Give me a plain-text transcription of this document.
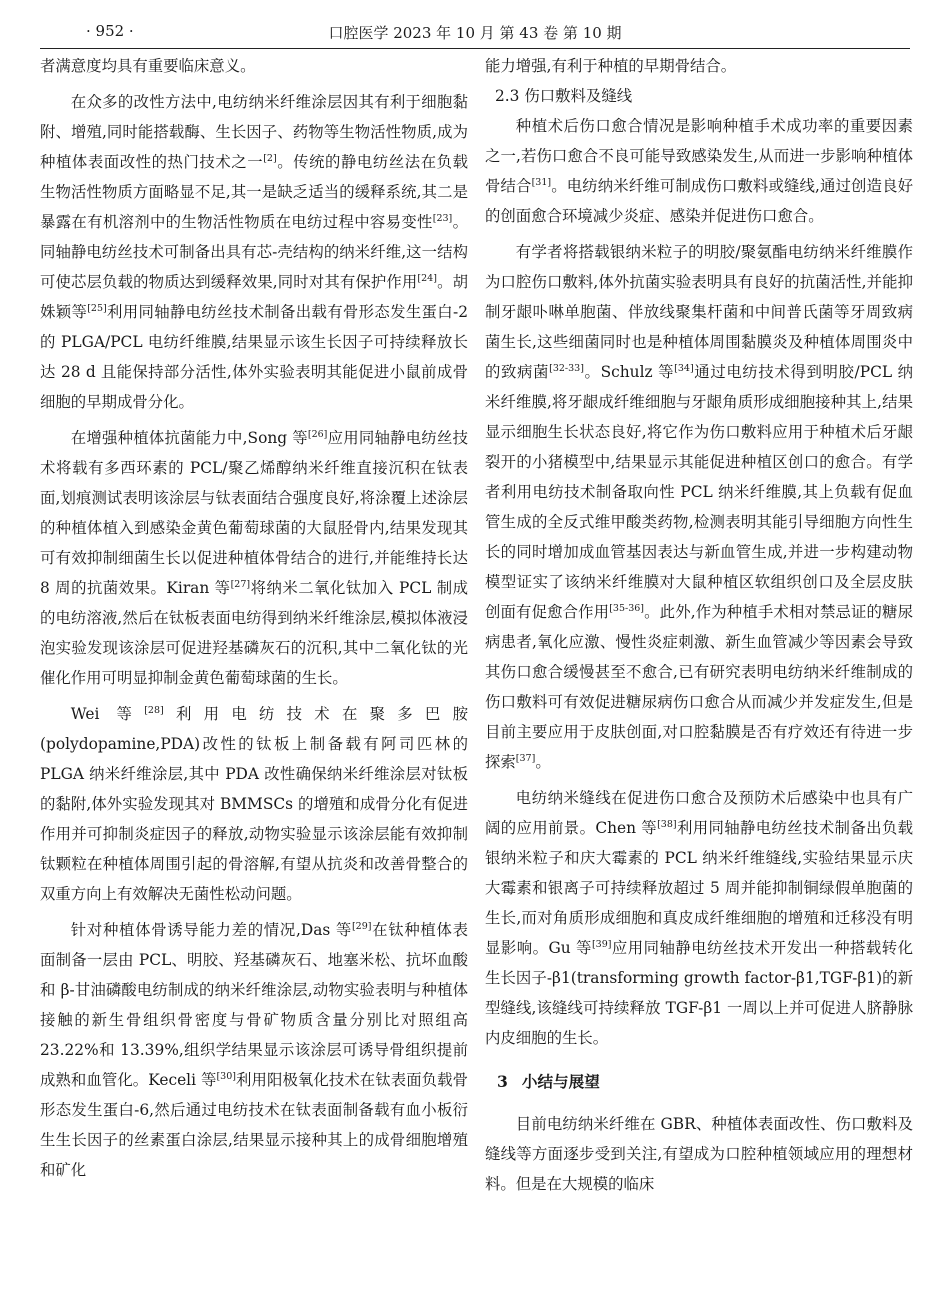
· 952 ·	口腔医学 2023 年 10 月 第 43 卷 第 10 期

者满意度均具有重要临床意义。

在众多的改性方法中,电纺纳米纤维涂层因其有利于细胞黏附、增殖,同时能搭载酶、生长因子、药物等生物活性物质,成为种植体表面改性的热门技术之一[2]。传统的静电纺丝法在负载生物活性物质方面略显不足,其一是缺乏适当的缓释系统,其二是暴露在有机溶剂中的生物活性物质在电纺过程中容易变性[23]。同轴静电纺丝技术可制备出具有芯-壳结构的纳米纤维,这一结构可使芯层负载的物质达到缓释效果,同时对其有保护作用[24]。胡姝颖等[25]利用同轴静电纺丝技术制备出载有骨形态发生蛋白-2 的 PLGA/PCL 电纺纤维膜,结果显示该生长因子可持续释放长达 28 d 且能保持部分活性,体外实验表明其能促进小鼠前成骨细胞的早期成骨分化。

在增强种植体抗菌能力中,Song 等[26]应用同轴静电纺丝技术将载有多西环素的 PCL/聚乙烯醇纳米纤维直接沉积在钛表面,划痕测试表明该涂层与钛表面结合强度良好,将涂覆上述涂层的种植体植入到感染金黄色葡萄球菌的大鼠胫骨内,结果发现其可有效抑制细菌生长以促进种植体骨结合的进行,并能维持长达 8 周的抗菌效果。Kiran 等[27]将纳米二氧化钛加入 PCL 制成的电纺溶液,然后在钛板表面电纺得到纳米纤维涂层,模拟体液浸泡实验发现该涂层可促进羟基磷灰石的沉积,其中二氧化钛的光催化作用可明显抑制金黄色葡萄球菌的生长。

Wei 等[28]利用电纺技术在聚多巴胺(polydopamine,PDA)改性的钛板上制备载有阿司匹林的 PLGA 纳米纤维涂层,其中 PDA 改性确保纳米纤维涂层对钛板的黏附,体外实验发现其对 BMMSCs 的增殖和成骨分化有促进作用并可抑制炎症因子的释放,动物实验显示该涂层能有效抑制钛颗粒在种植体周围引起的骨溶解,有望从抗炎和改善骨整合的双重方向上有效解决无菌性松动问题。

针对种植体骨诱导能力差的情况,Das 等[29]在钛种植体表面制备一层由 PCL、明胶、羟基磷灰石、地塞米松、抗坏血酸和 β-甘油磷酸电纺制成的纳米纤维涂层,动物实验表明与种植体接触的新生骨组织骨密度与骨矿物质含量分别比对照组高 23.22%和 13.39%,组织学结果显示该涂层可诱导骨组织提前成熟和血管化。Keceli 等[30]利用阳极氧化技术在钛表面负载骨形态发生蛋白-6,然后通过电纺技术在钛表面制备载有血小板衍生生长因子的丝素蛋白涂层,结果显示接种其上的成骨细胞增殖和矿化

能力增强,有利于种植的早期骨结合。

2.3 伤口敷料及缝线

种植术后伤口愈合情况是影响种植手术成功率的重要因素之一,若伤口愈合不良可能导致感染发生,从而进一步影响种植体骨结合[31]。电纺纳米纤维可制成伤口敷料或缝线,通过创造良好的创面愈合环境减少炎症、感染并促进伤口愈合。

有学者将搭载银纳米粒子的明胶/聚氨酯电纺纳米纤维膜作为口腔伤口敷料,体外抗菌实验表明具有良好的抗菌活性,并能抑制牙龈卟啉单胞菌、伴放线聚集杆菌和中间普氏菌等牙周致病菌生长,这些细菌同时也是种植体周围黏膜炎及种植体周围炎中的致病菌[32-33]。Schulz 等[34]通过电纺技术得到明胶/PCL 纳米纤维膜,将牙龈成纤维细胞与牙龈角质形成细胞接种其上,结果显示细胞生长状态良好,将它作为伤口敷料应用于种植术后牙龈裂开的小猪模型中,结果显示其能促进种植区创口的愈合。有学者利用电纺技术制备取向性 PCL 纳米纤维膜,其上负载有促血管生成的全反式维甲酸类药物,检测表明其能引导细胞方向性生长的同时增加成血管基因表达与新血管生成,并进一步构建动物模型证实了该纳米纤维膜对大鼠种植区软组织创口及全层皮肤创面有促愈合作用[35-36]。此外,作为种植手术相对禁忌证的糖尿病患者,氧化应激、慢性炎症刺激、新生血管减少等因素会导致其伤口愈合缓慢甚至不愈合,已有研究表明电纺纳米纤维制成的伤口敷料可有效促进糖尿病伤口愈合从而减少并发症发生,但是目前主要应用于皮肤创面,对口腔黏膜是否有疗效还有待进一步探索[37]。

电纺纳米缝线在促进伤口愈合及预防术后感染中也具有广阔的应用前景。Chen 等[38]利用同轴静电纺丝技术制备出负载银纳米粒子和庆大霉素的 PCL 纳米纤维缝线,实验结果显示庆大霉素和银离子可持续释放超过 5 周并能抑制铜绿假单胞菌的生长,而对角质形成细胞和真皮成纤维细胞的增殖和迁移没有明显影响。Gu 等[39]应用同轴静电纺丝技术开发出一种搭载转化生长因子-β1(transforming growth factor-β1,TGF-β1)的新型缝线,该缝线可持续释放 TGF-β1 一周以上并可促进人脐静脉内皮细胞的生长。

3 小结与展望

目前电纺纳米纤维在 GBR、种植体表面改性、伤口敷料及缝线等方面逐步受到关注,有望成为口腔种植领域应用的理想材料。但是在大规模的临床
